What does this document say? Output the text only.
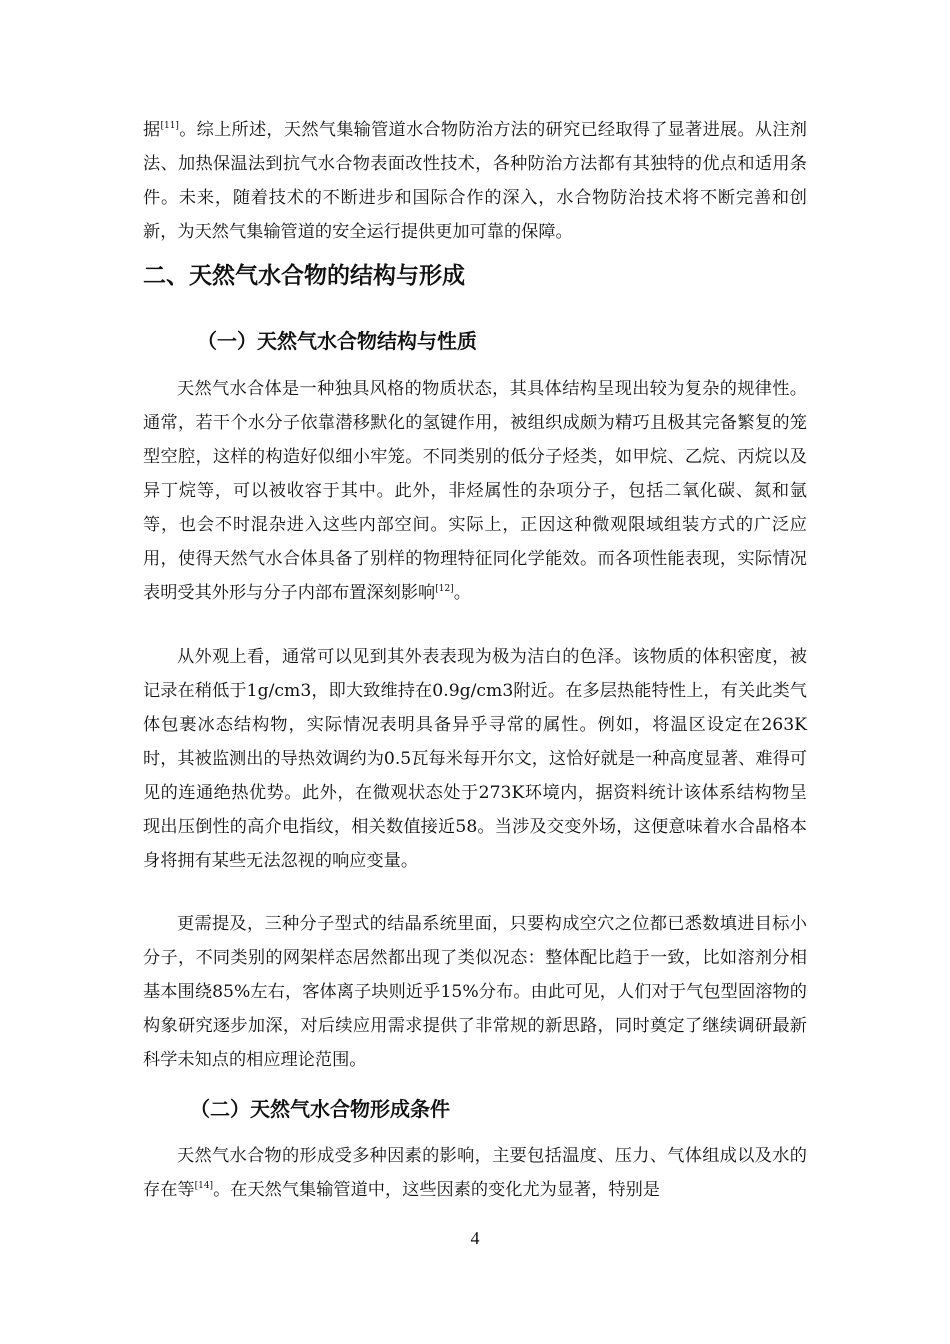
据[11]。综上所述，天然气集输管道水合物防治方法的研究已经取得了显著进展。从注剂法、加热保温法到抗气水合物表面改性技术，各种防治方法都有其独特的优点和适用条件。未来，随着技术的不断进步和国际合作的深入，水合物防治技术将不断完善和创新，为天然气集输管道的安全运行提供更加可靠的保障。

二、天然气水合物的结构与形成
（一）天然气水合物结构与性质

天然气水合体是一种独具风格的物质状态，其具体结构呈现出较为复杂的规律性。通常，若干个水分子依靠潜移默化的氢键作用，被组织成颇为精巧且极其完备繁复的笼型空腔，这样的构造好似细小牢笼。不同类别的低分子烃类，如甲烷、乙烷、丙烷以及异丁烷等，可以被收容于其中。此外，非烃属性的杂项分子，包括二氧化碳、氮和氩等，也会不时混杂进入这些内部空间。实际上，正因这种微观限域组装方式的广泛应用，使得天然气水合体具备了别样的物理特征同化学能效。而各项性能表现，实际情况表明受其外形与分子内部布置深刻影响[12]。

从外观上看，通常可以见到其外表表现为极为洁白的色泽。该物质的体积密度，被记录在稍低于1g/cm3，即大致维持在0.9g/cm3附近。在多层热能特性上，有关此类气体包裹冰态结构物，实际情况表明具备异乎寻常的属性。例如，将温区设定在263K时，其被监测出的导热效调约为0.5瓦每米每开尔文，这恰好就是一种高度显著、难得可见的连通绝热优势。此外，在微观状态处于273K环境内，据资料统计该体系结构物呈现出压倒性的高介电指纹，相关数值接近58。当涉及交变外场，这便意味着水合晶格本身将拥有某些无法忽视的响应变量。

更需提及，三种分子型式的结晶系统里面，只要构成空穴之位都已悉数填进目标小分子，不同类别的网架样态居然都出现了类似况态：整体配比趋于一致，比如溶剂分相基本围绕85%左右，客体离子块则近乎15%分布。由此可见，人们对于气包型固溶物的构象研究逐步加深，对后续应用需求提供了非常规的新思路，同时奠定了继续调研最新科学未知点的相应理论范围。

（二）天然气水合物形成条件

天然气水合物的形成受多种因素的影响，主要包括温度、压力、气体组成以及水的存在等[14]。在天然气集输管道中，这些因素的变化尤为显著，特别是

4
